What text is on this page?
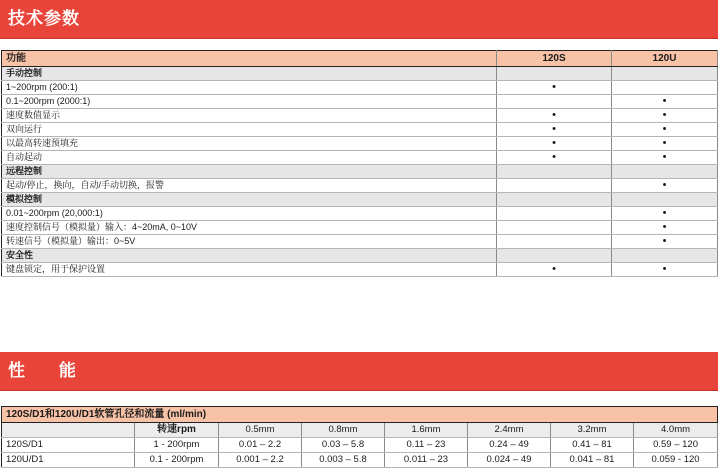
技术参数
功能	120S	120U
手动控制		
1~200rpm (200:1)	•	
0.1~200rpm (2000:1)		•
速度数值显示	•	•
双向运行	•	•
以最高转速预填充	•	•
自动起动	•	•
远程控制		
起动/停止，换向，自动/手动切换，报警		•
模拟控制		
0.01~200rpm (20,000:1)		•
速度控制信号（模拟量）输入：4~20mA, 0~10V		•
转速信号（模拟量）输出：0~5V		•
安全性		
键盘锁定，用于保护设置	•	•
性 能
120S/D1和120U/D1软管孔径和流量 (ml/min)							
	转速rpm	0.5mm	0.8mm	1.6mm	2.4mm	3.2mm	4.0mm
120S/D1	1 - 200rpm	0.01 – 2.2	0.03 – 5.8	0.11 – 23	0.24 – 49	0.41 – 81	0.59 – 120
120U/D1	0.1 - 200rpm	0.001 – 2.2	0.003 – 5.8	0.011 – 23	0.024 – 49	0.041 – 81	0.059 - 120
